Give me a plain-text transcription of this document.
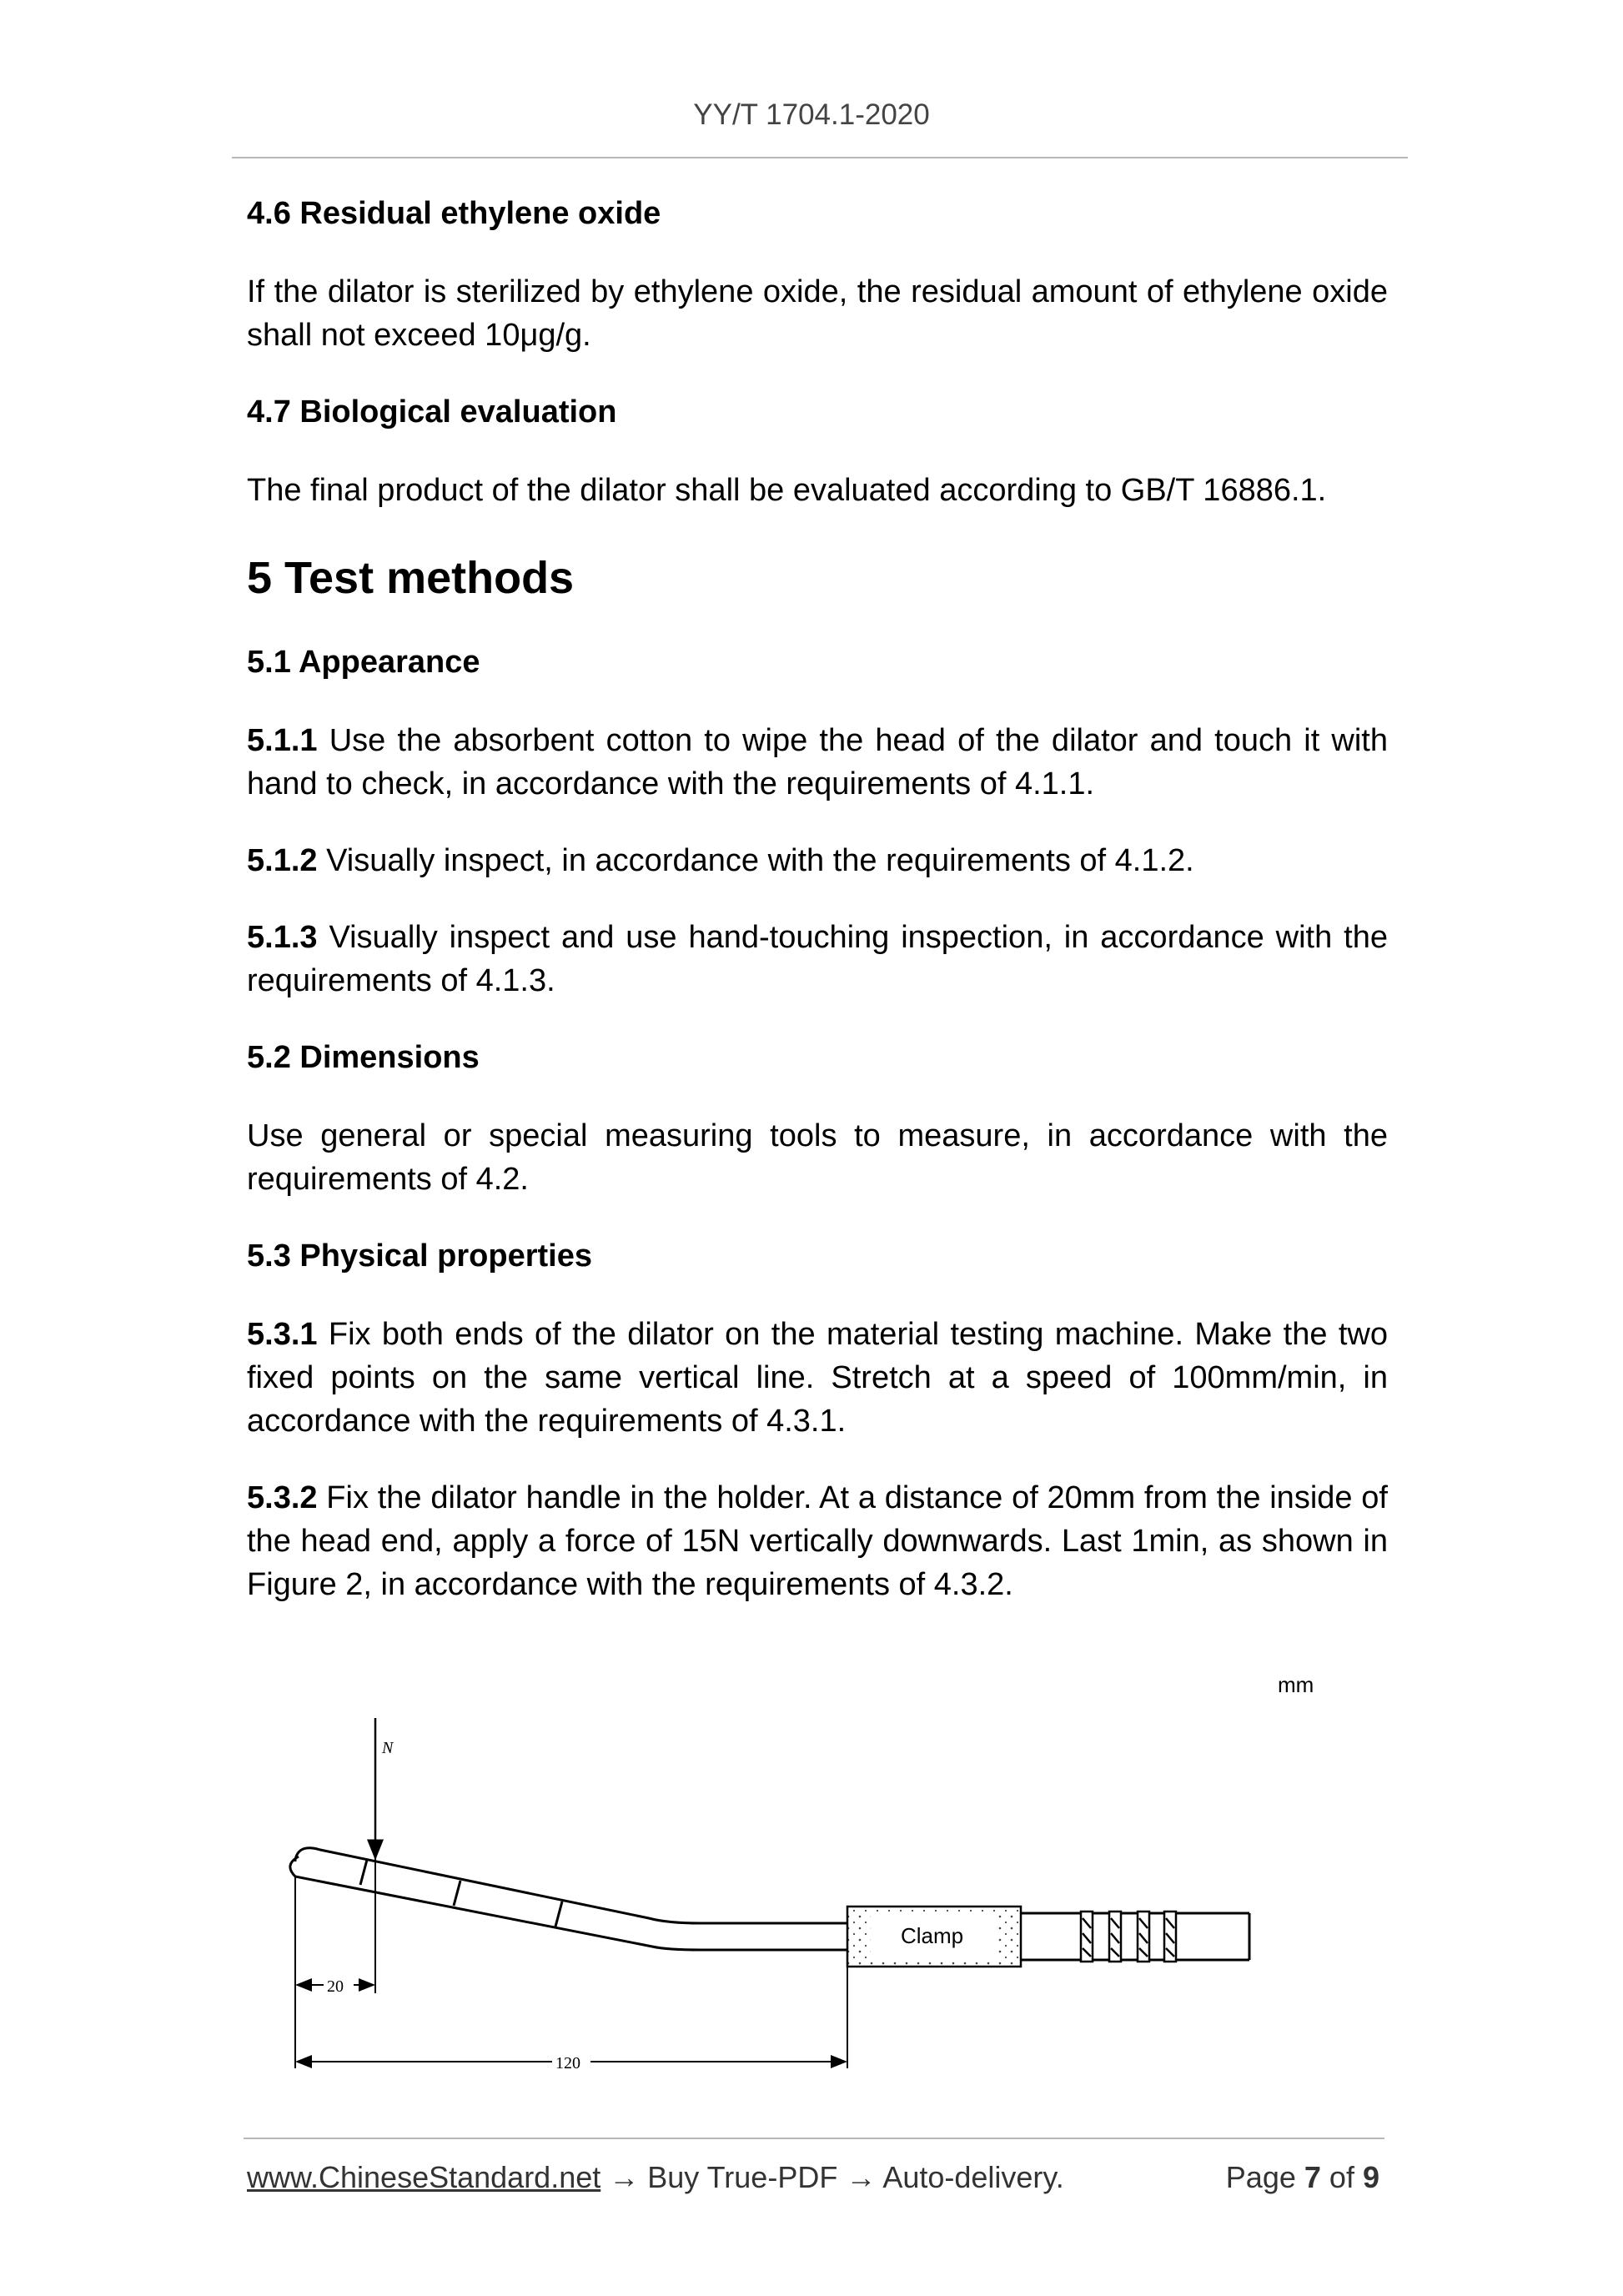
YY/T 1704.1-2020
4.6 Residual ethylene oxide

If the dilator is sterilized by ethylene oxide, the residual amount of ethylene oxide shall not exceed 10μg/g.

4.7 Biological evaluation

The final product of the dilator shall be evaluated according to GB/T 16886.1.

5 Test methods
5.1 Appearance

5.1.1 Use the absorbent cotton to wipe the head of the dilator and touch it with hand to check, in accordance with the requirements of 4.1.1.

5.1.2 Visually inspect, in accordance with the requirements of 4.1.2.

5.1.3 Visually inspect and use hand-touching inspection, in accordance with the requirements of 4.1.3.

5.2 Dimensions

Use general or special measuring tools to measure, in accordance with the requirements of 4.2.

5.3 Physical properties

5.3.1 Fix both ends of the dilator on the material testing machine. Make the two fixed points on the same vertical line. Stretch at a speed of 100mm/min, in accordance with the requirements of 4.3.1.

5.3.2 Fix the dilator handle in the holder. At a distance of 20mm from the inside of the head end, apply a force of 15N vertically downwards. Last 1min, as shown in Figure 2, in accordance with the requirements of 4.3.2.

mm
Clamp
N
20
120
www.ChineseStandard.net → Buy True-PDF → Auto-delivery.	Page 7 of 9
